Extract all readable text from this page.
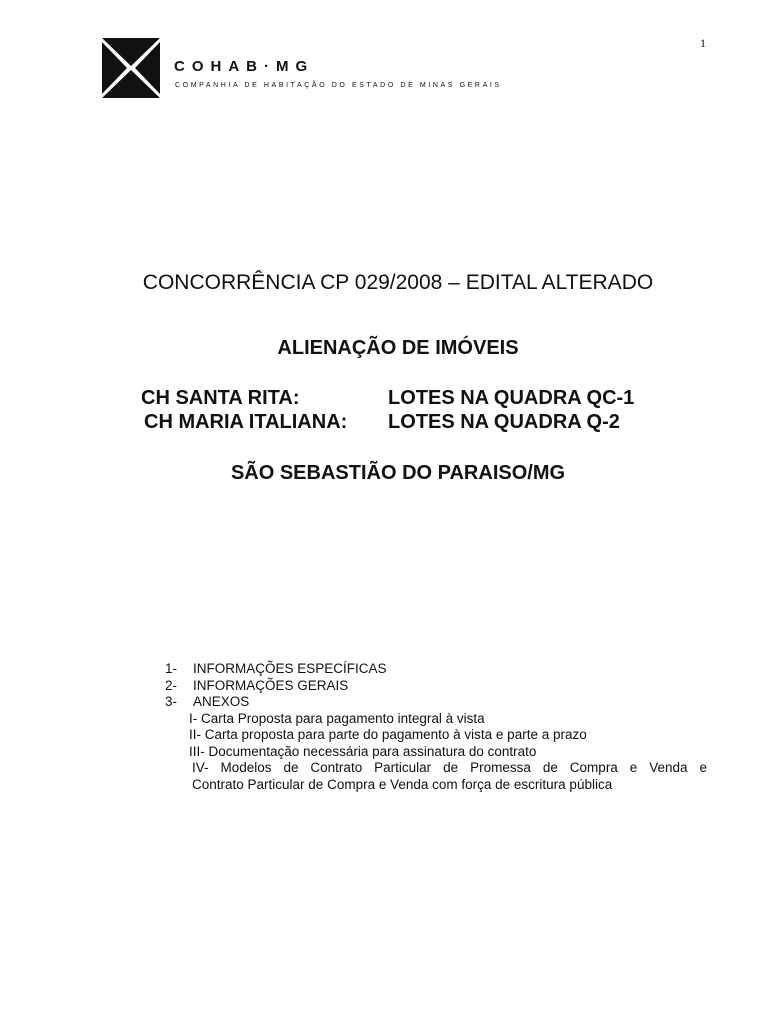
1
COHAB·MG
COMPANHIA DE HABITAÇÃO DO ESTADO DE MINAS GERAIS
CONCORRÊNCIA CP 029/2008 – EDITAL ALTERADO
ALIENAÇÃO DE IMÓVEIS
CH SANTA RITA:	LOTES NA QUADRA QC-1
CH MARIA ITALIANA: LOTES NA QUADRA Q-2
SÃO SEBASTIÃO DO PARAISO/MG
1- INFORMAÇÕES ESPECÍFICAS
2- INFORMAÇÕES GERAIS
3- ANEXOS
I- Carta Proposta para pagamento integral à vista
II- Carta proposta para parte do pagamento à vista e parte a prazo
III- Documentação necessária para assinatura do contrato
IV- Modelos de Contrato Particular de Promessa de Compra e Venda e
Contrato Particular de Compra e Venda com força de escritura pública
